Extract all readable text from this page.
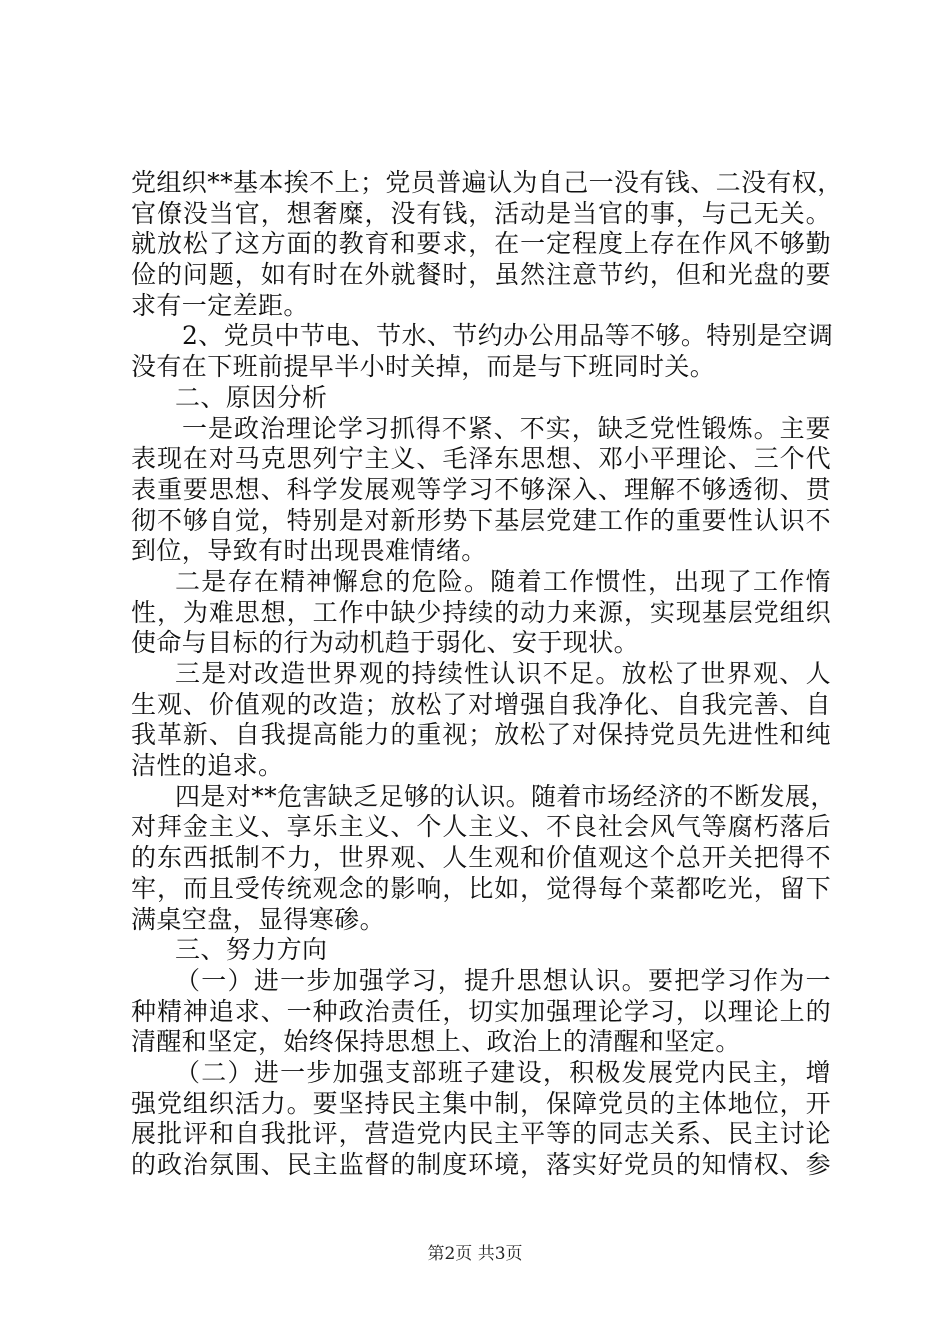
党组织**基本挨不上；党员普遍认为自己一没有钱、二没有权，
官僚没当官，想奢糜，没有钱，活动是当官的事，与己无关。
就放松了这方面的教育和要求，在一定程度上存在作风不够勤
俭的问题，如有时在外就餐时，虽然注意节约，但和光盘的要
求有一定差距。
2、党员中节电、节水、节约办公用品等不够。特别是空调
没有在下班前提早半小时关掉，而是与下班同时关。
二、原因分析
一是政治理论学习抓得不紧、不实，缺乏党性锻炼。主要
表现在对马克思列宁主义、毛泽东思想、邓小平理论、三个代
表重要思想、科学发展观等学习不够深入、理解不够透彻、贯
彻不够自觉，特别是对新形势下基层党建工作的重要性认识不
到位，导致有时出现畏难情绪。
二是存在精神懈怠的危险。随着工作惯性，出现了工作惰
性，为难思想，工作中缺少持续的动力来源，实现基层党组织
使命与目标的行为动机趋于弱化、安于现状。
三是对改造世界观的持续性认识不足。放松了世界观、人
生观、价值观的改造；放松了对增强自我净化、自我完善、自
我革新、自我提高能力的重视；放松了对保持党员先进性和纯
洁性的追求。
四是对**危害缺乏足够的认识。随着市场经济的不断发展，
对拜金主义、享乐主义、个人主义、不良社会风气等腐朽落后
的东西抵制不力，世界观、人生观和价值观这个总开关把得不
牢，而且受传统观念的影响，比如，觉得每个菜都吃光，留下
满桌空盘，显得寒碜。
三、努力方向
（一）进一步加强学习，提升思想认识。要把学习作为一
种精神追求、一种政治责任，切实加强理论学习，以理论上的
清醒和坚定，始终保持思想上、政治上的清醒和坚定。
（二）进一步加强支部班子建设，积极发展党内民主，增
强党组织活力。要坚持民主集中制，保障党员的主体地位，开
展批评和自我批评，营造党内民主平等的同志关系、民主讨论
的政治氛围、民主监督的制度环境，落实好党员的知情权、参
第2页 共3页
